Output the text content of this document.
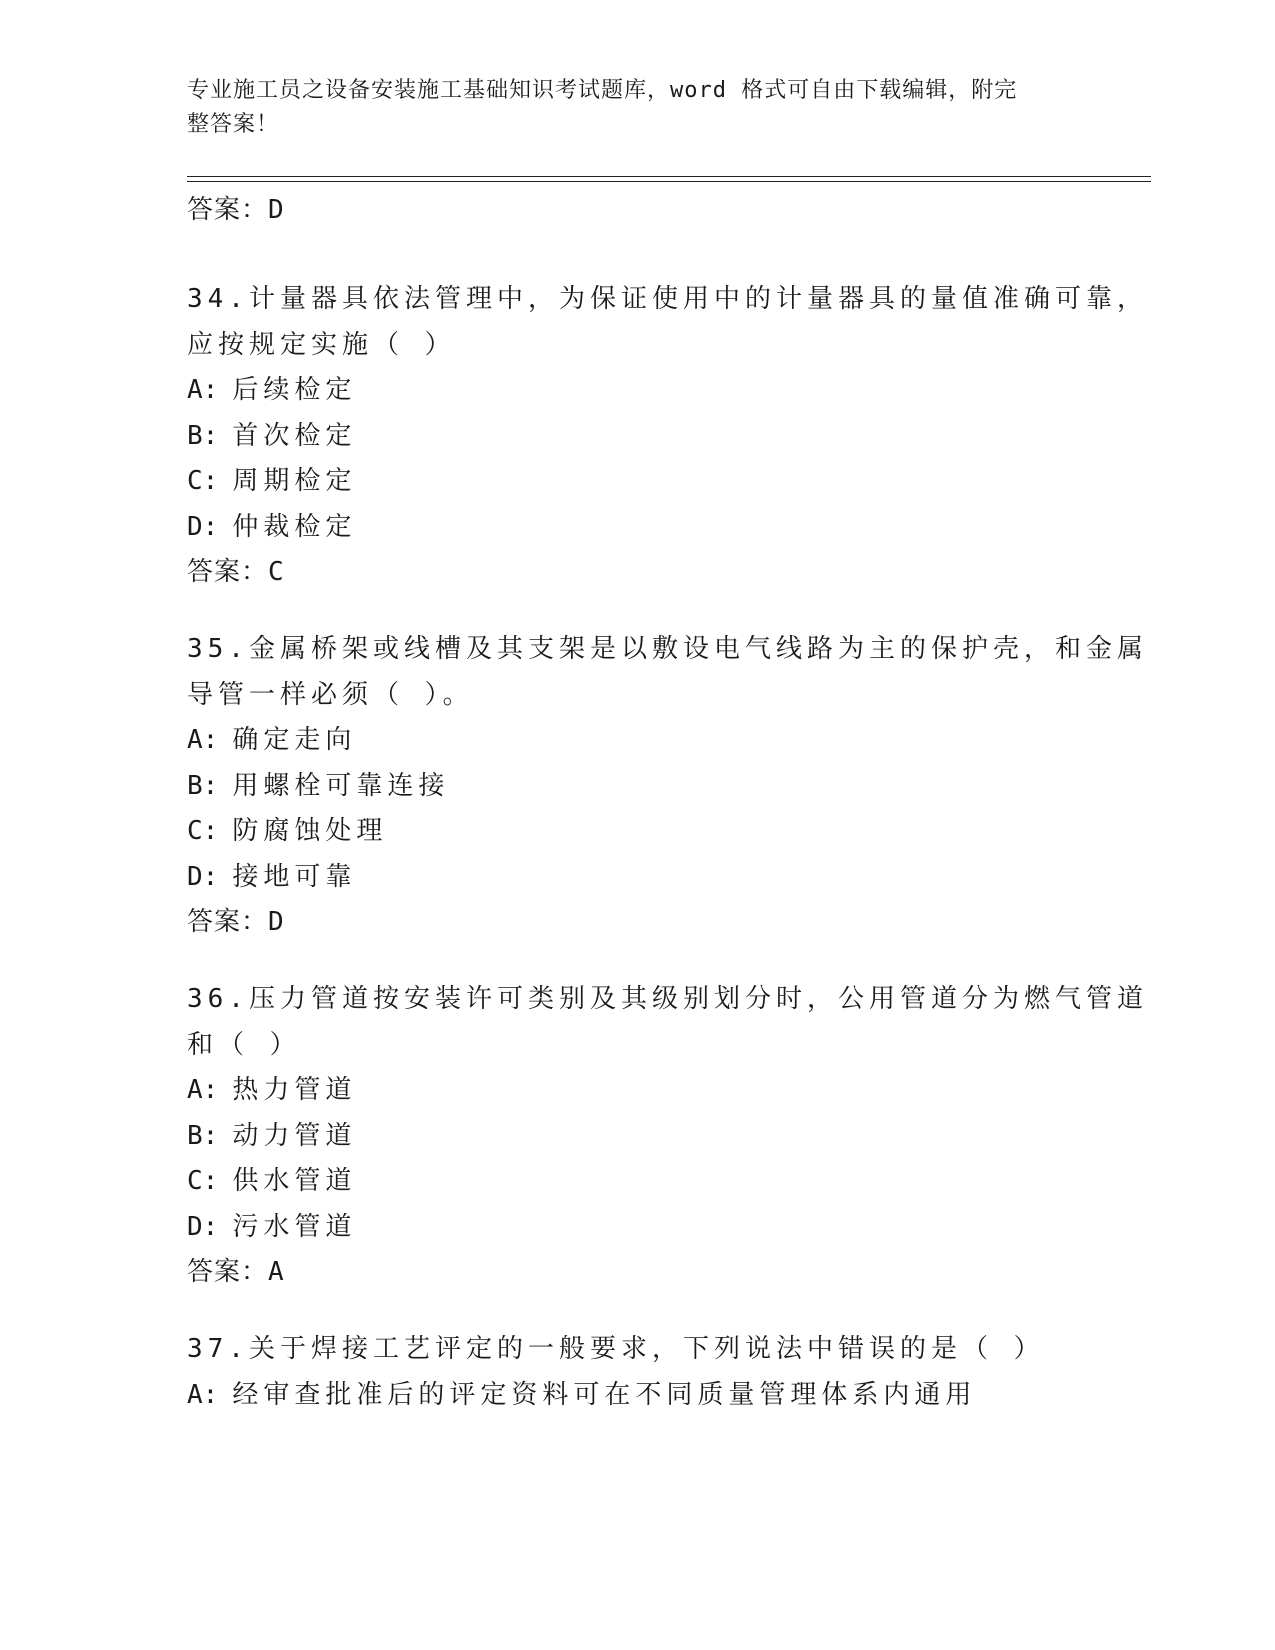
专业施工员之设备安装施工基础知识考试题库，word 格式可自由下载编辑，附完
整答案！
答案：D
34.计量器具依法管理中，为保证使用中的计量器具的量值准确可靠，
应按规定实施（ ）
A: 后续检定
B: 首次检定
C: 周期检定
D: 仲裁检定
答案：C
35.金属桥架或线槽及其支架是以敷设电气线路为主的保护壳，和金属
导管一样必须（ ）。
A: 确定走向
B: 用螺栓可靠连接
C: 防腐蚀处理
D: 接地可靠
答案：D
36.压力管道按安装许可类别及其级别划分时，公用管道分为燃气管道
和（ ）
A: 热力管道
B: 动力管道
C: 供水管道
D: 污水管道
答案：A
37.关于焊接工艺评定的一般要求，下列说法中错误的是（ ）
A: 经审查批准后的评定资料可在不同质量管理体系内通用
